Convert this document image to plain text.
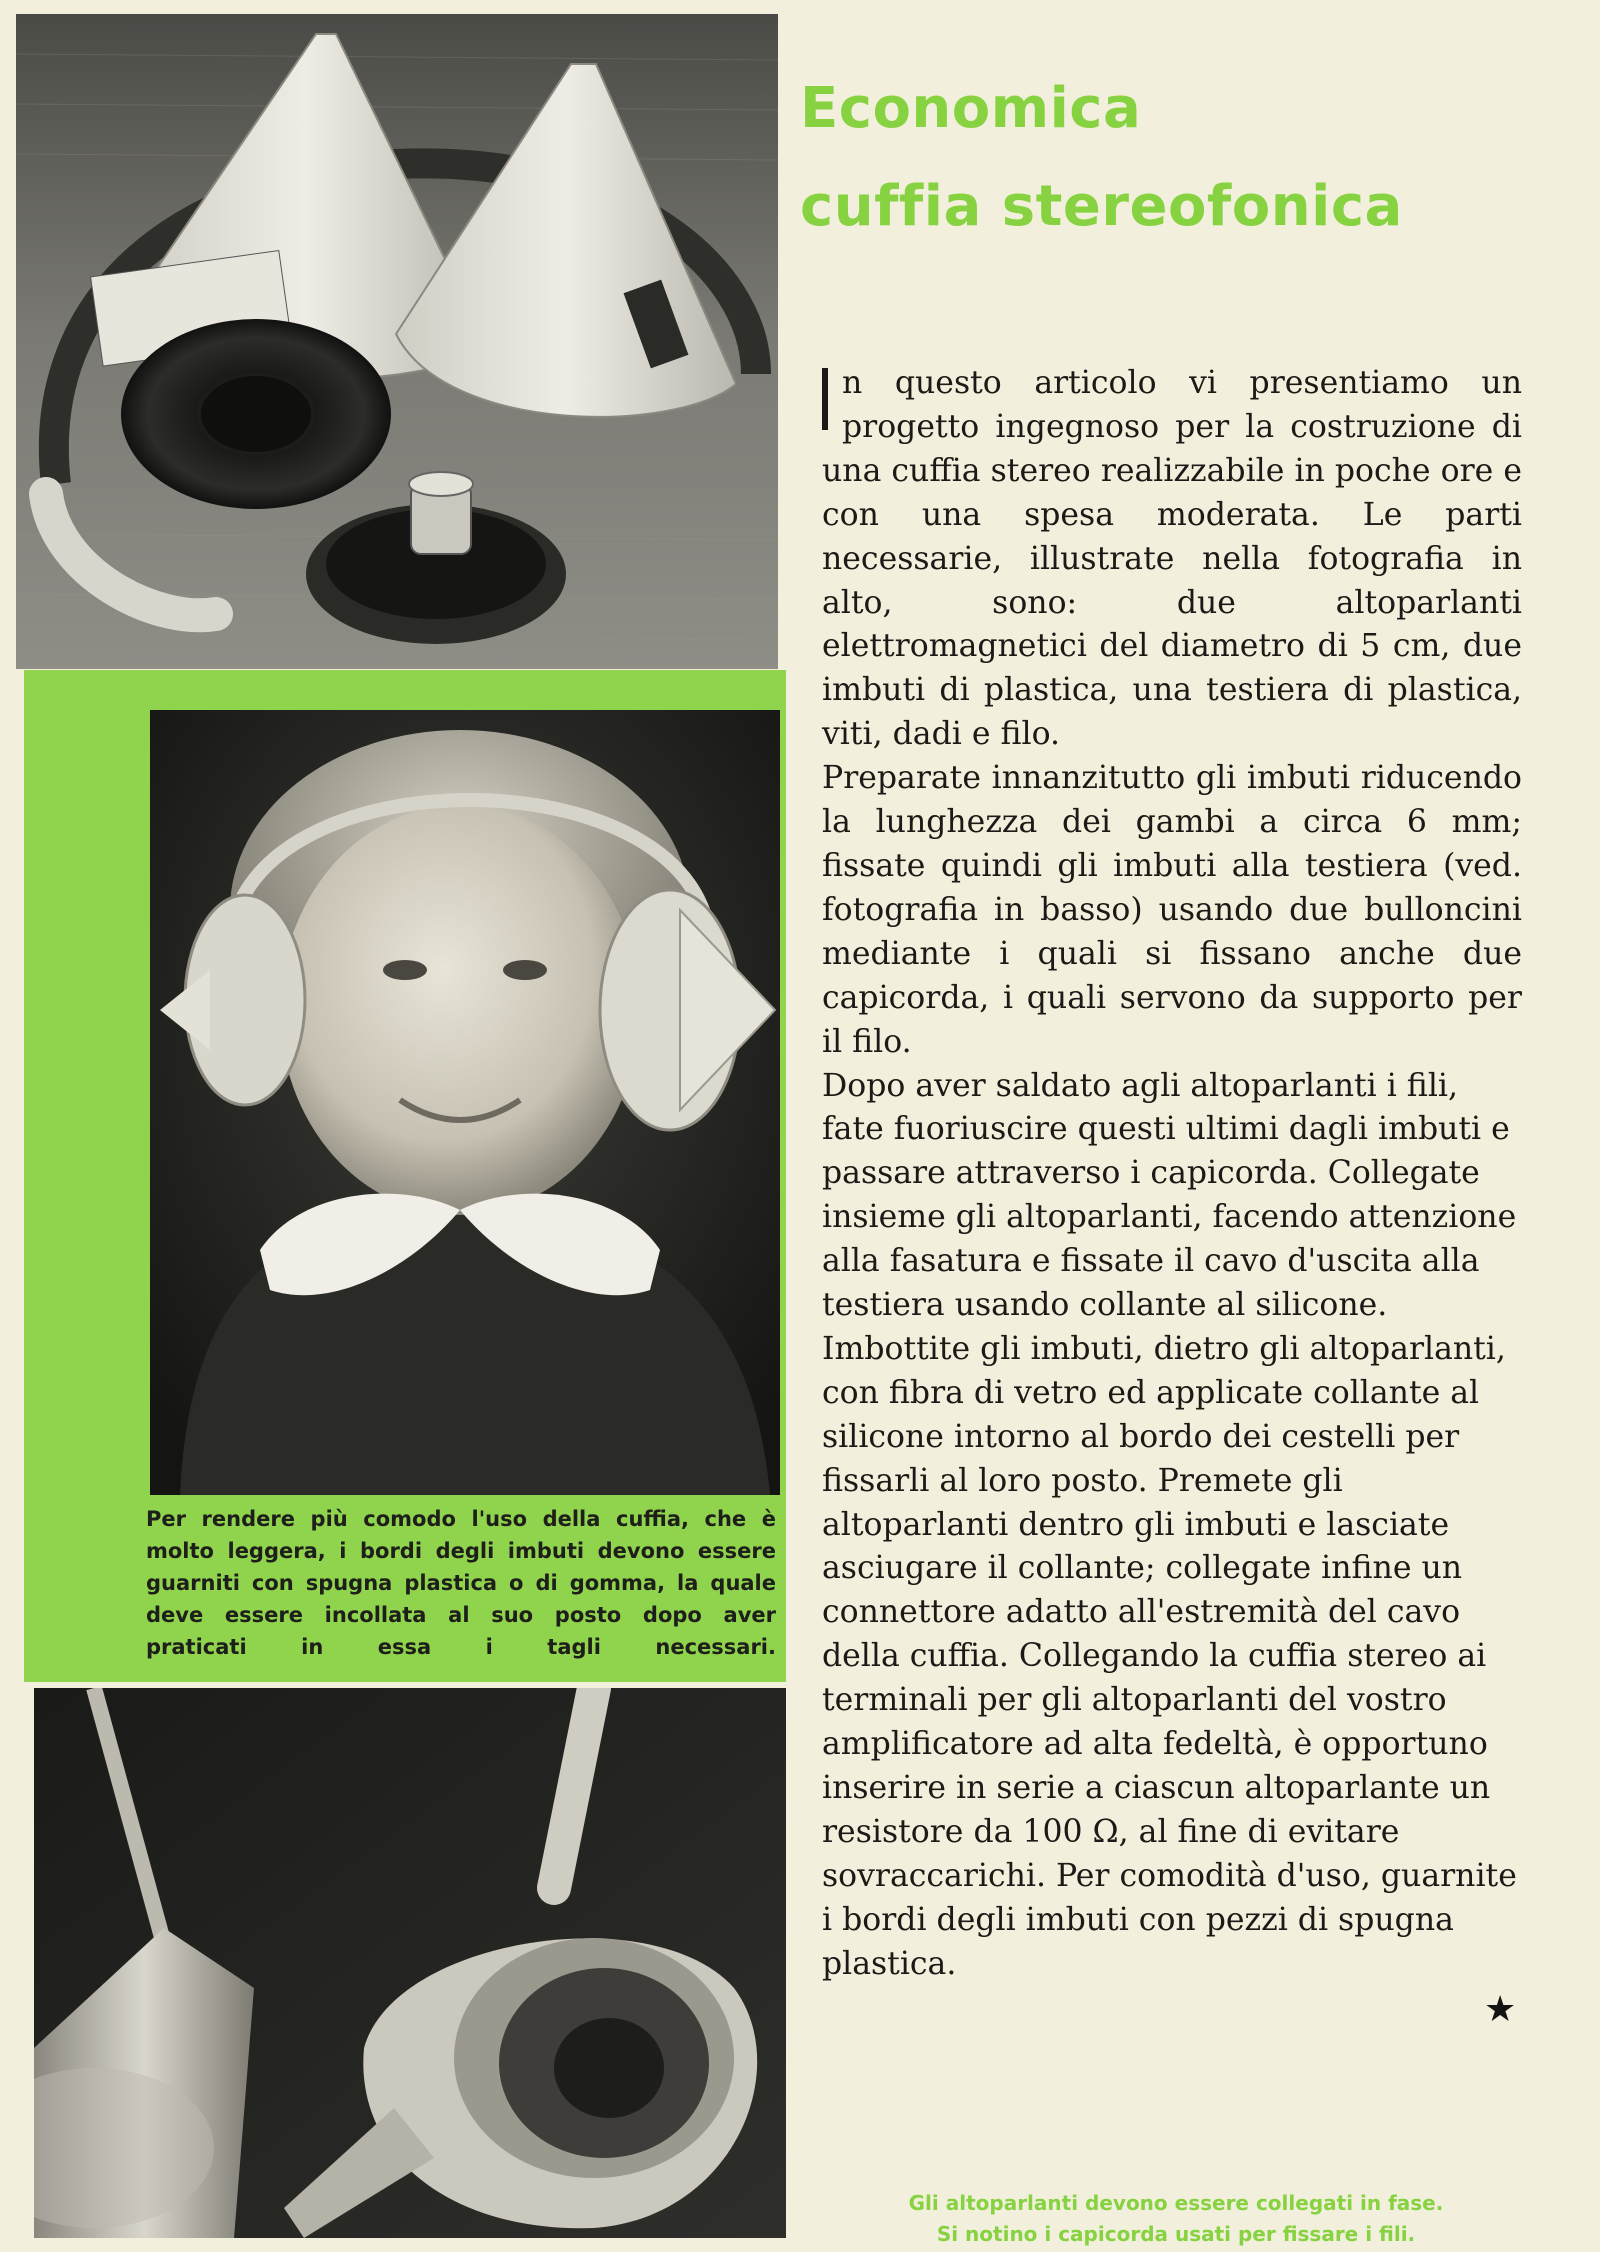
Per rendere più comodo l'uso della cuffia, che è molto leggera, i bordi degli imbuti devono essere guarniti con spugna plastica o di gomma, la quale deve essere incollata al suo posto dopo aver praticati in essa i tagli necessari.

Economica
cuffia stereofonica

n questo articolo vi presentiamo un progetto ingegnoso per la costruzione di una cuffia stereo realizzabile in poche ore e con una spesa moderata. Le parti necessarie, illustrate nella fotografia in alto, sono: due altoparlanti elettromagnetici del diametro di 5 cm, due imbuti di plastica, una testiera di plastica, viti, dadi e filo.

Preparate innanzitutto gli imbuti riducendo la lunghezza dei gambi a circa 6 mm; fissate quindi gli imbuti alla testiera (ved. fotografia in basso) usando due bulloncini mediante i quali si fissano anche due capicorda, i quali servono da supporto per il filo.

Dopo aver saldato agli altoparlanti i fili, fate fuoriuscire questi ultimi dagli imbuti e passare attraverso i capicorda. Collegate insieme gli altoparlanti, facendo attenzione alla fasatura e fissate il cavo d'uscita alla testiera usando collante al silicone. Imbottite gli imbuti, dietro gli altoparlanti, con fibra di vetro ed applicate collante al silicone intorno al bordo dei cestelli per fissarli al loro posto. Premete gli altoparlanti dentro gli imbuti e lasciate asciugare il collante; collegate infine un connettore adatto all'estremità del cavo della cuffia. Collegando la cuffia stereo ai terminali per gli altoparlanti del vostro amplificatore ad alta fedeltà, è opportuno inserire in serie a ciascun altoparlante un resistore da 100 Ω, al fine di evitare sovraccarichi. Per comodità d'uso, guarnite i bordi degli imbuti con pezzi di spugna plastica.

★

Gli altoparlanti devono essere collegati in fase.
Si notino i capicorda usati per fissare i fili.
